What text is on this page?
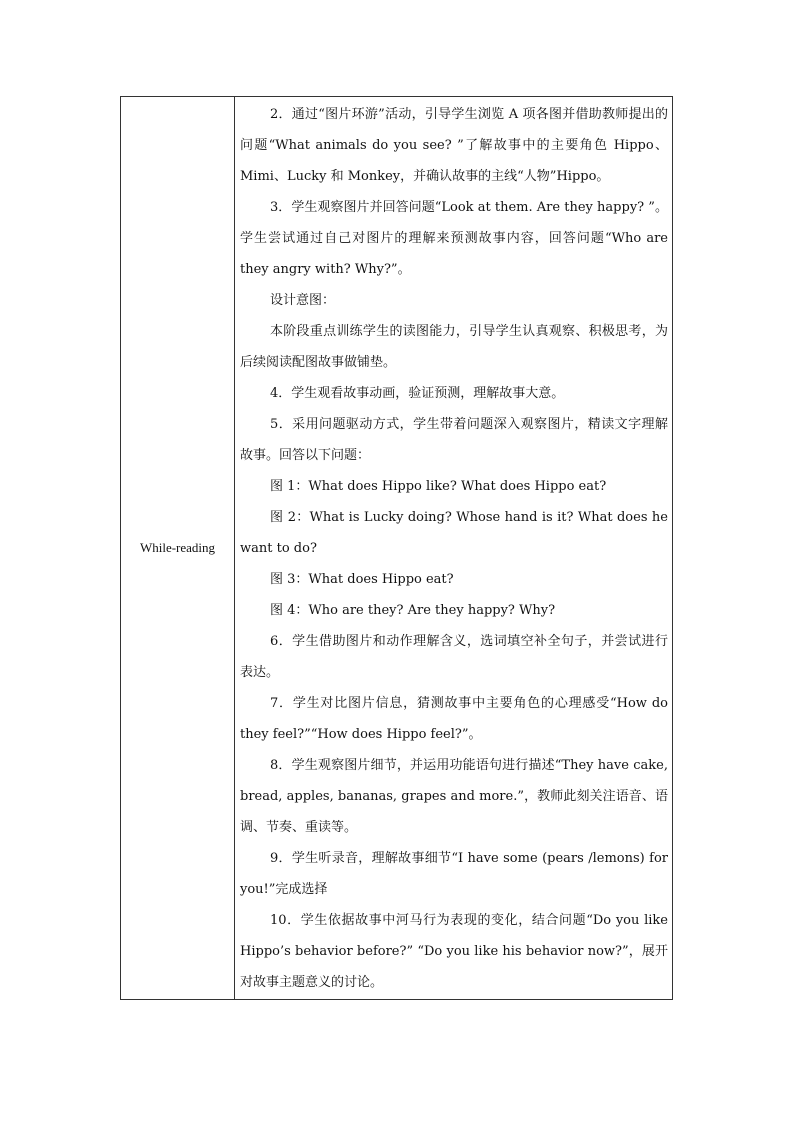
While-reading

2．通过“图片环游”活动，引导学生浏览 A 项各图并借助教师提出的问题“What animals do you see? ”了解故事中的主要角色 Hippo、Mimi、Lucky 和 Monkey，并确认故事的主线“人物”Hippo。

3．学生观察图片并回答问题“Look at them. Are they happy? ”。学生尝试通过自己对图片的理解来预测故事内容，回答问题“Who are they angry with? Why?”。

设计意图：

本阶段重点训练学生的读图能力，引导学生认真观察、积极思考，为后续阅读配图故事做铺垫。

4．学生观看故事动画，验证预测，理解故事大意。

5．采用问题驱动方式，学生带着问题深入观察图片，精读文字理解故事。回答以下问题：

图 1：What does Hippo like? What does Hippo eat?

图 2：What is Lucky doing? Whose hand is it? What does he want to do?

图 3：What does Hippo eat?

图 4：Who are they? Are they happy? Why?

6．学生借助图片和动作理解含义，选词填空补全句子，并尝试进行表达。

7．学生对比图片信息，猜测故事中主要角色的心理感受“How do they feel?”“How does Hippo feel?”。

8．学生观察图片细节，并运用功能语句进行描述“They have cake, bread, apples, bananas, grapes and more.”，教师此刻关注语音、语调、节奏、重读等。

9．学生听录音，理解故事细节“I have some (pears /lemons) for you!”完成选择

10．学生依据故事中河马行为表现的变化，结合问题“Do you like Hippo’s behavior before?” “Do you like his behavior now?”，展开对故事主题意义的讨论。
